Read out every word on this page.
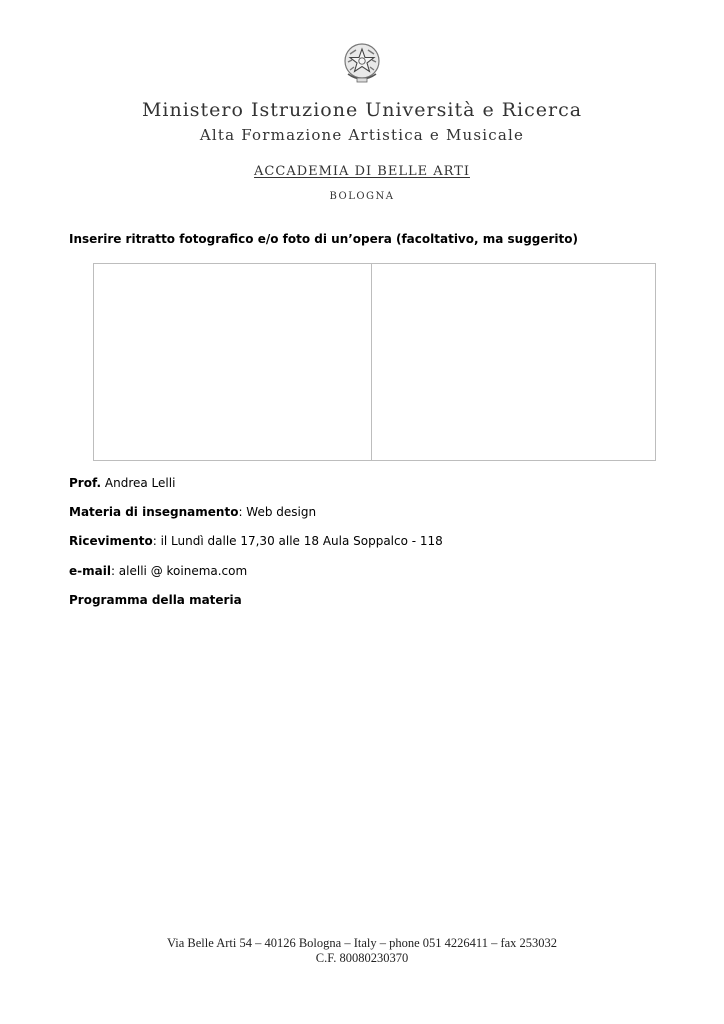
Ministero Istruzione Università e Ricerca
Alta Formazione Artistica e Musicale
ACCADEMIA DI BELLE ARTI
BOLOGNA
Inserire ritratto fotografico e/o foto di un’opera (facoltativo, ma suggerito)
Prof. Andrea Lelli
Materia di insegnamento: Web design
Ricevimento: il Lundì dalle 17,30 alle 18 Aula Soppalco - 118
e-mail: alelli @ koinema.com
Programma della materia
Via Belle Arti 54 – 40126 Bologna – Italy – phone 051 4226411 – fax 253032
C.F. 80080230370
